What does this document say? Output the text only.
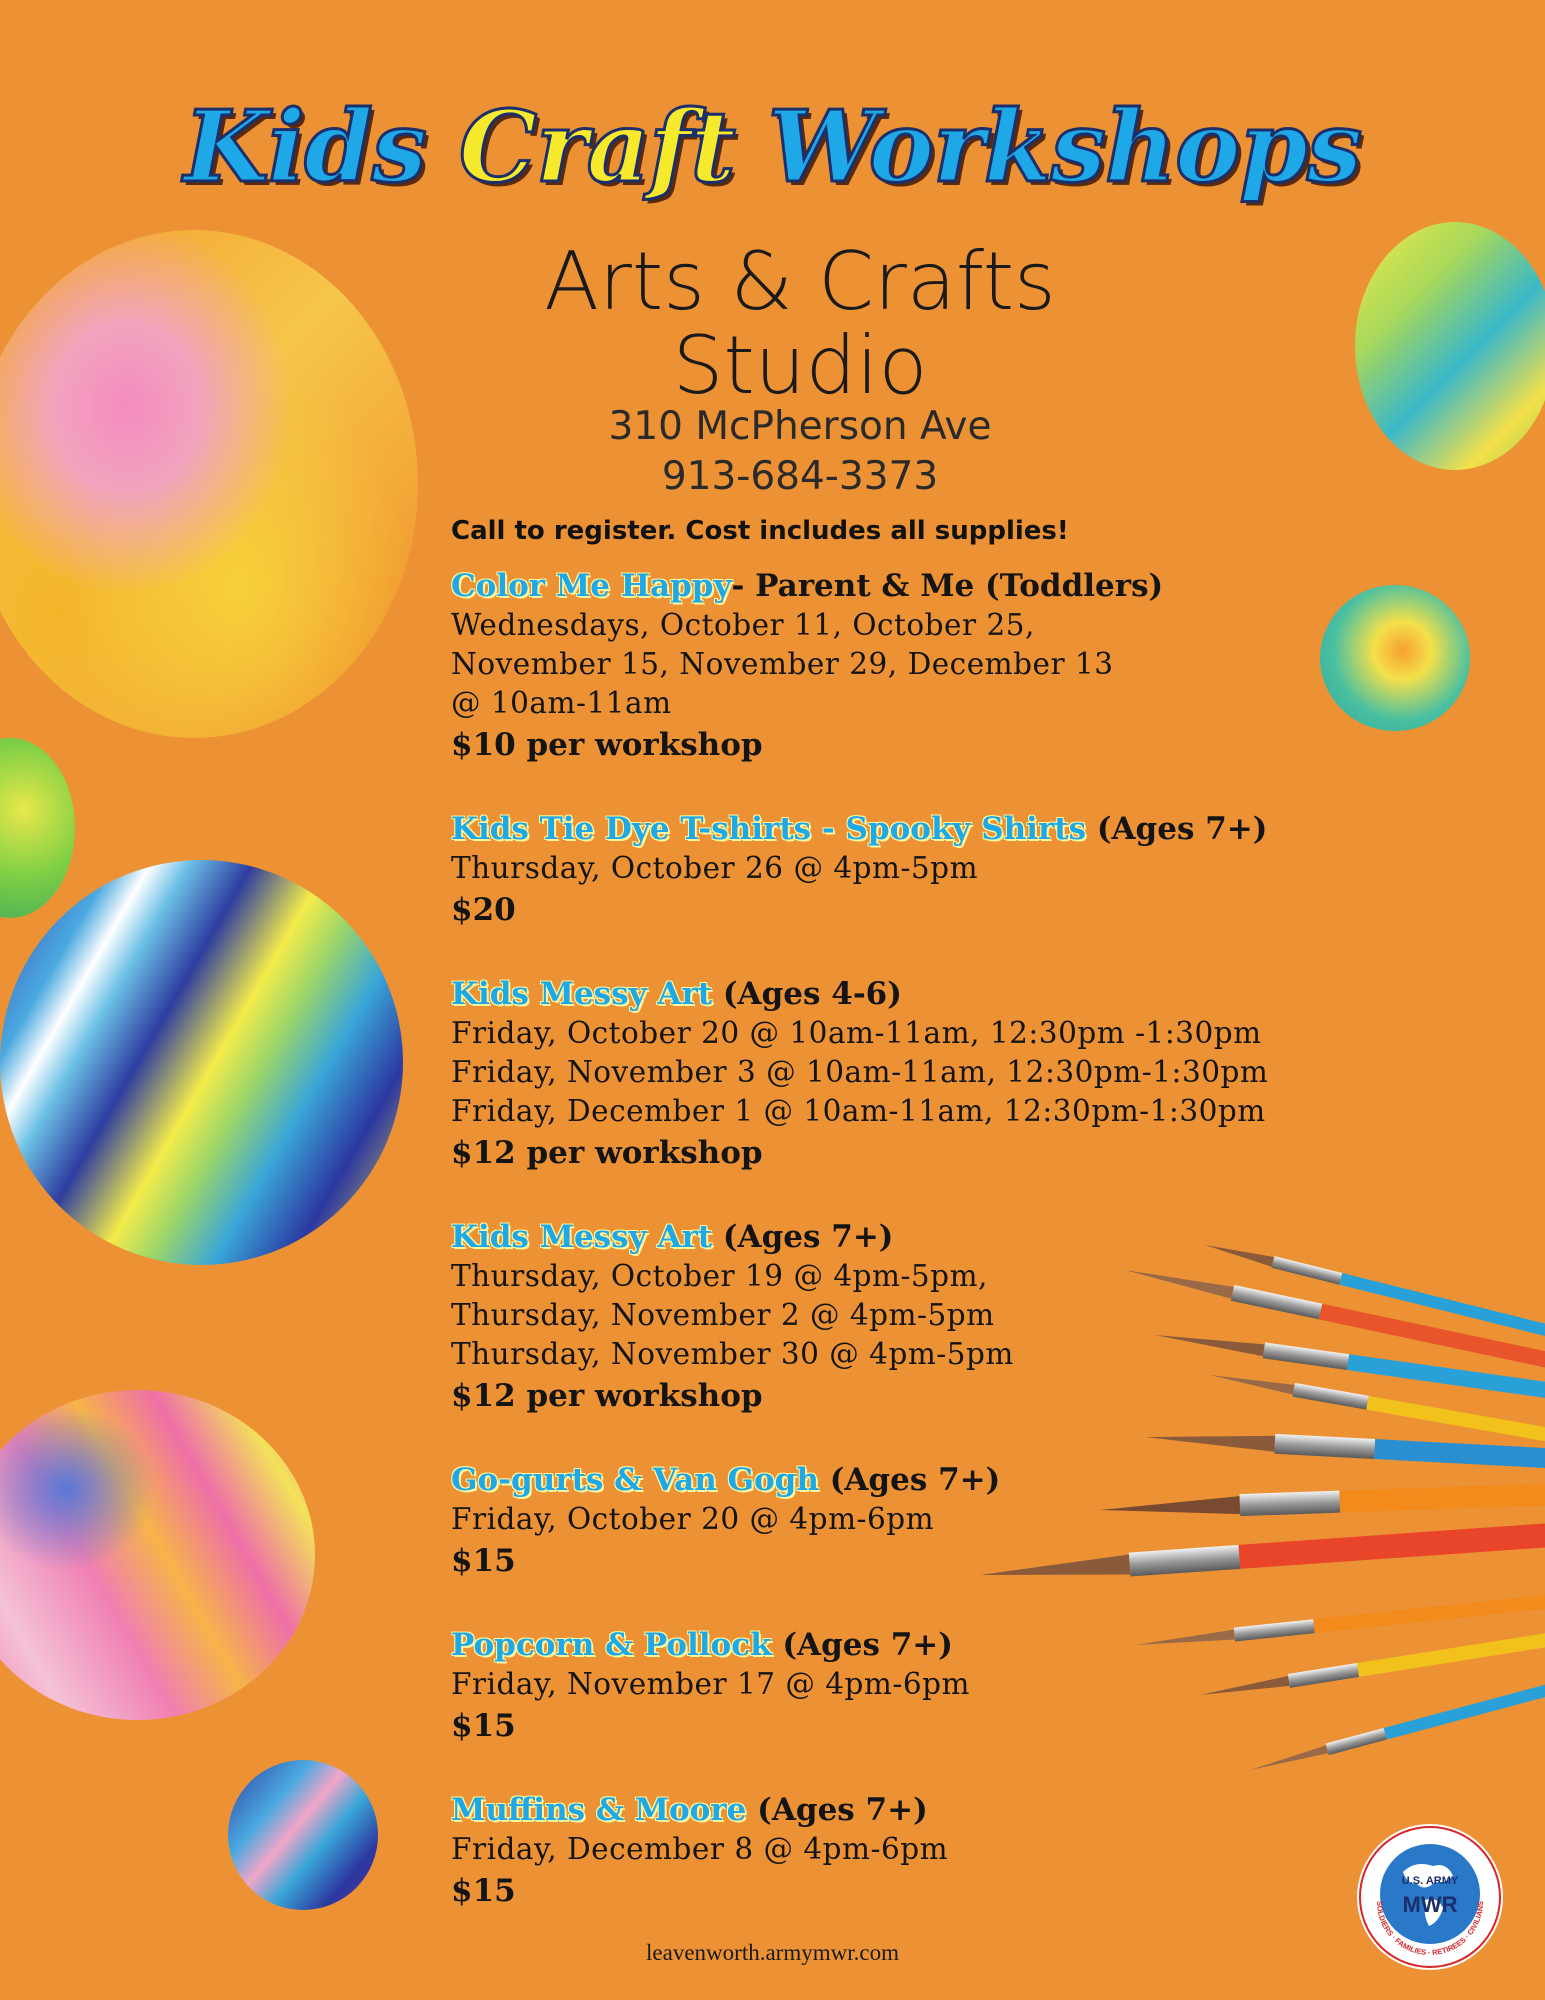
Kids Craft Workshops
Arts & Crafts
Studio
310 McPherson Ave
913-684-3373
Call to register. Cost includes all supplies!
Color Me Happy- Parent & Me (Toddlers)
Wednesdays, October 11, October 25,
November 15, November 29, December 13
@ 10am-11am
$10 per workshop
Kids Tie Dye T-shirts - Spooky Shirts (Ages 7+)
Thursday, October 26 @ 4pm-5pm
$20
Kids Messy Art (Ages 4-6)
Friday, October 20 @ 10am-11am, 12:30pm -1:30pm
Friday, November 3 @ 10am-11am, 12:30pm-1:30pm
Friday, December 1 @ 10am-11am, 12:30pm-1:30pm
$12 per workshop
Kids Messy Art (Ages 7+)
Thursday, October 19 @ 4pm-5pm,
Thursday, November 2 @ 4pm-5pm
Thursday, November 30 @ 4pm-5pm
$12 per workshop
Go-gurts & Van Gogh (Ages 7+)
Friday, October 20 @ 4pm-6pm
$15
Popcorn & Pollock (Ages 7+)
Friday, November 17 @ 4pm-6pm
$15
Muffins & Moore (Ages 7+)
Friday, December 8 @ 4pm-6pm
$15	U.S. ARMY
MWR
SOLDIERS · FAMILIES · RETIREES · CIVILIANS
leavenworth.armymwr.com
